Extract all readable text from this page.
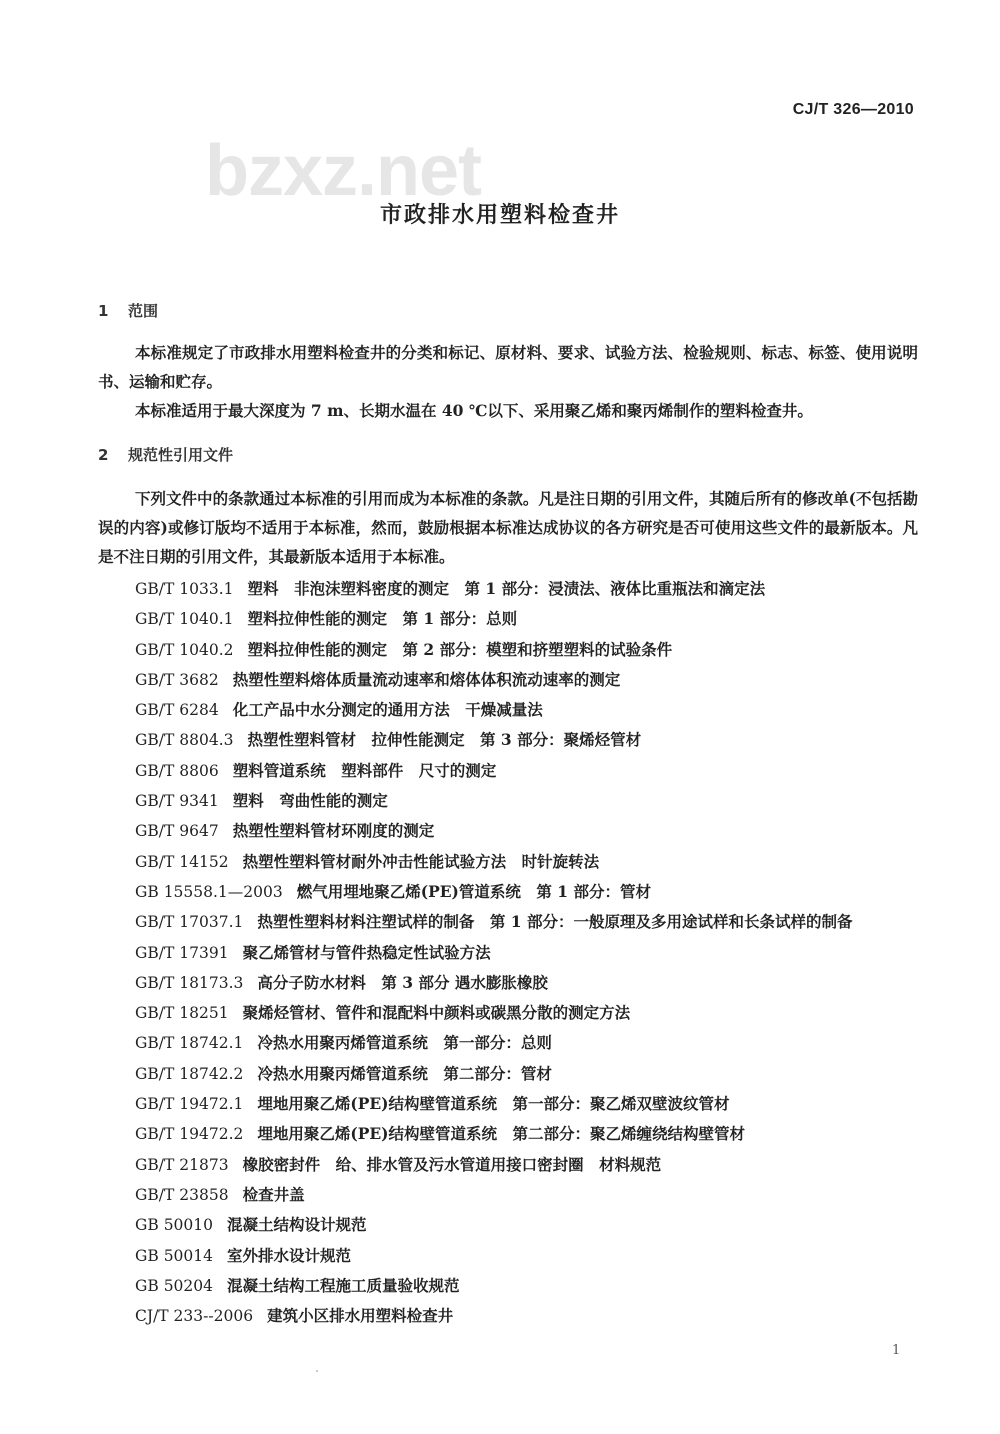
CJ/T 326—2010
bzxz.net
市政排水用塑料检查井
1 范围
本标准规定了市政排水用塑料检查井的分类和标记、原材料、要求、试验方法、检验规则、标志、标签、使用说明书、运输和贮存。
本标准适用于最大深度为 7 m、长期水温在 40 ℃以下、采用聚乙烯和聚丙烯制作的塑料检查井。
2 规范性引用文件
下列文件中的条款通过本标准的引用而成为本标准的条款。凡是注日期的引用文件，其随后所有的修改单(不包括勘误的内容)或修订版均不适用于本标准，然而，鼓励根据本标准达成协议的各方研究是否可使用这些文件的最新版本。凡是不注日期的引用文件，其最新版本适用于本标准。
GB/T 1033.1 塑料　非泡沫塑料密度的测定　第 1 部分：浸渍法、液体比重瓶法和滴定法
GB/T 1040.1 塑料拉伸性能的测定　第 1 部分：总则
GB/T 1040.2 塑料拉伸性能的测定　第 2 部分：模塑和挤塑塑料的试验条件
GB/T 3682 热塑性塑料熔体质量流动速率和熔体体积流动速率的测定
GB/T 6284 化工产品中水分测定的通用方法　干燥减量法
GB/T 8804.3 热塑性塑料管材　拉伸性能测定　第 3 部分：聚烯烃管材
GB/T 8806 塑料管道系统　塑料部件　尺寸的测定
GB/T 9341 塑料　弯曲性能的测定
GB/T 9647 热塑性塑料管材环刚度的测定
GB/T 14152 热塑性塑料管材耐外冲击性能试验方法　时针旋转法
GB 15558.1—2003 燃气用埋地聚乙烯(PE)管道系统　第 1 部分：管材
GB/T 17037.1 热塑性塑料材料注塑试样的制备　第 1 部分：一般原理及多用途试样和长条试样的制备
GB/T 17391 聚乙烯管材与管件热稳定性试验方法
GB/T 18173.3 高分子防水材料　第 3 部分 遇水膨胀橡胶
GB/T 18251 聚烯烃管材、管件和混配料中颜料或碳黑分散的测定方法
GB/T 18742.1 冷热水用聚丙烯管道系统　第一部分：总则
GB/T 18742.2 冷热水用聚丙烯管道系统　第二部分：管材
GB/T 19472.1 埋地用聚乙烯(PE)结构壁管道系统　第一部分：聚乙烯双壁波纹管材
GB/T 19472.2 埋地用聚乙烯(PE)结构壁管道系统　第二部分：聚乙烯缠绕结构壁管材
GB/T 21873 橡胶密封件　给、排水管及污水管道用接口密封圈　材料规范
GB/T 23858 检查井盖
GB 50010 混凝土结构设计规范
GB 50014 室外排水设计规范
GB 50204 混凝土结构工程施工质量验收规范
CJ/T 233--2006 建筑小区排水用塑料检查井
1
